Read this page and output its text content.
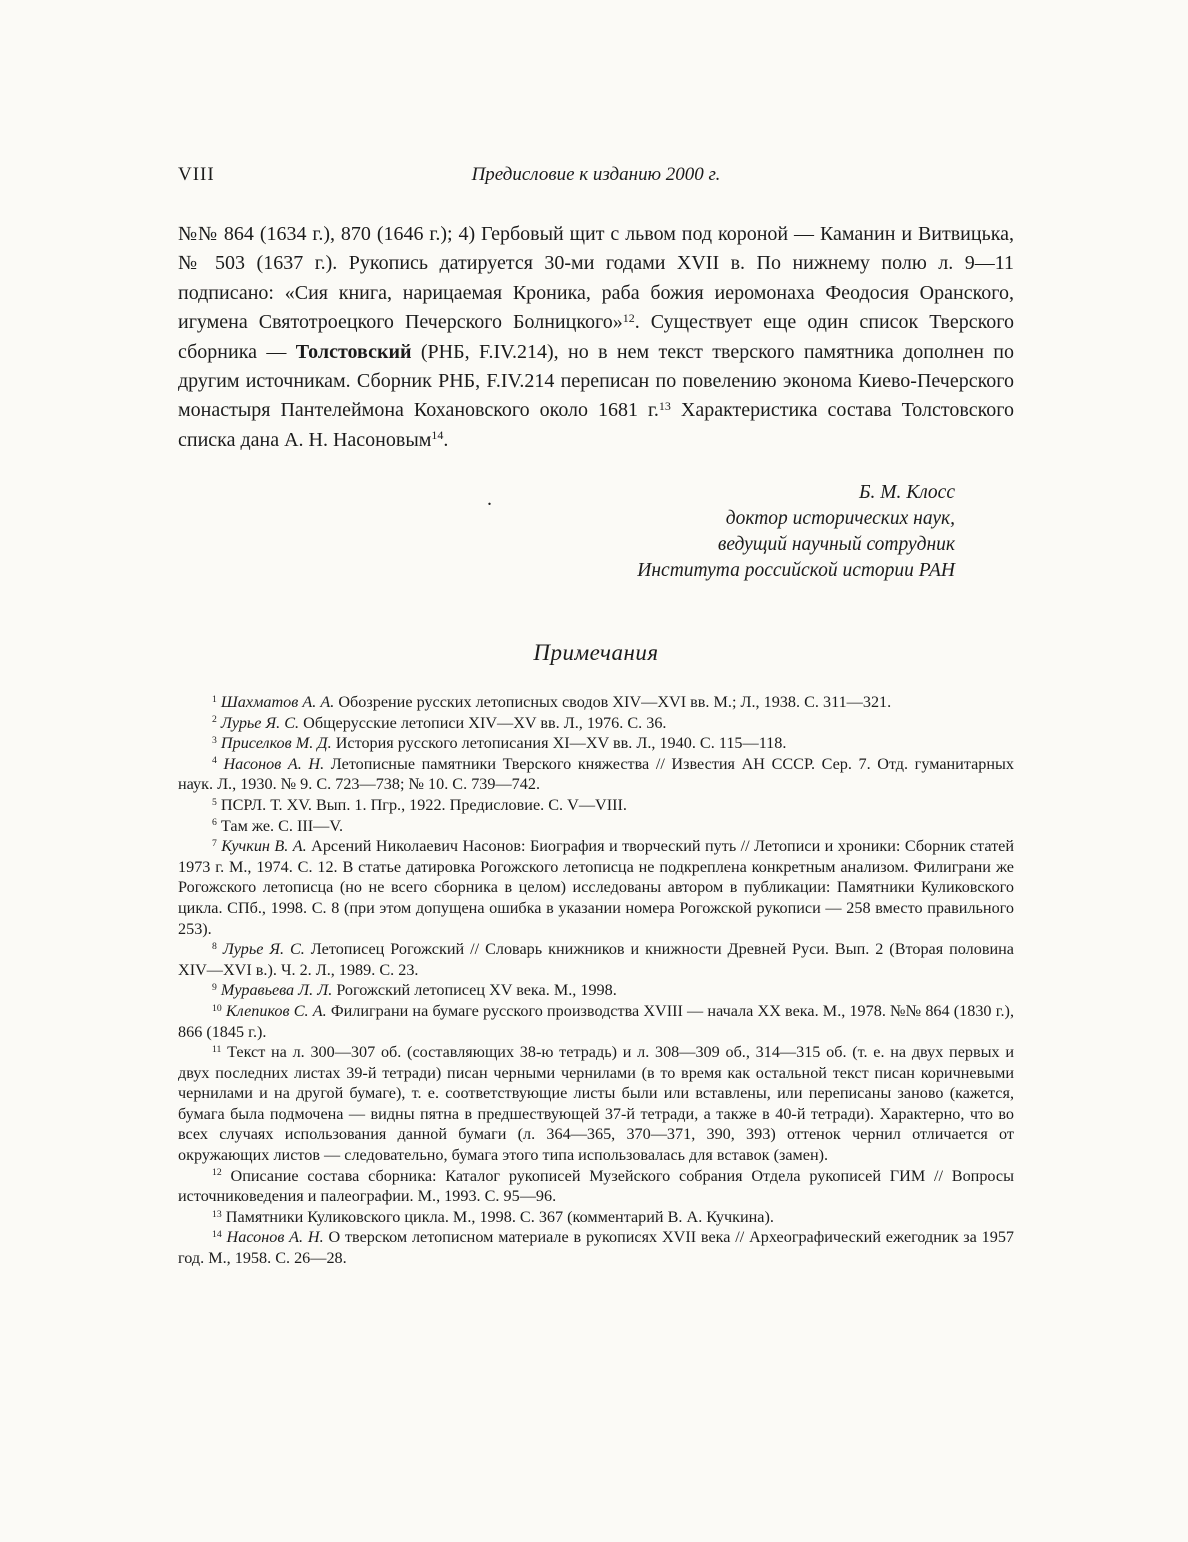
VIII	Предисловие к изданию 2000 г.

№№ 864 (1634 г.), 870 (1646 г.); 4) Гербовый щит с львом под короной — Каманин и Витвицька, № 503 (1637 г.). Рукопись датируется 30-ми годами XVII в. По нижнему полю л. 9—11 подписано: «Сия книга, нарицаемая Кроника, раба божия иеромонаха Феодосия Оранского, игумена Святотроецкого Печерского Болницкого»$^{12}$. Существует еще один список Тверского сборника — Толстовский (РНБ, F.IV.214), но в нем текст тверского памятника дополнен по другим источникам. Сборник РНБ, F.IV.214 переписан по повелению эконома Киево-Печерского монастыря Пантелеймона Кохановского около 1681 г.$^{13}$ Характеристика состава Толстовского списка дана А. Н. Насоновым$^{14}$.

.	Б. М. Клосс
доктор исторических наук,
ведущий научный сотрудник
Института российской истории РАН
Примечания

$^1$ Шахматов А. А. Обозрение русских летописных сводов XIV—XVI вв. М.; Л., 1938. С. 311—321.

$^2$ Лурье Я. С. Общерусские летописи XIV—XV вв. Л., 1976. С. 36.

$^3$ Приселков М. Д. История русского летописания XI—XV вв. Л., 1940. С. 115—118.

$^4$ Насонов А. Н. Летописные памятники Тверского княжества // Известия АН СССР. Сер. 7. Отд. гуманитарных наук. Л., 1930. № 9. С. 723—738; № 10. С. 739—742.

$^5$ ПСРЛ. Т. XV. Вып. 1. Пгр., 1922. Предисловие. С. V—VIII.

$^6$ Там же. С. III—V.

$^7$ Кучкин В. А. Арсений Николаевич Насонов: Биография и творческий путь // Летописи и хроники: Сборник статей 1973 г. М., 1974. С. 12. В статье датировка Рогожского летописца не подкреплена конкретным анализом. Филиграни же Рогожского летописца (но не всего сборника в целом) исследованы автором в публикации: Памятники Куликовского цикла. СПб., 1998. С. 8 (при этом допущена ошибка в указании номера Рогожской рукописи — 258 вместо правильного 253).

$^8$ Лурье Я. С. Летописец Рогожский // Словарь книжников и книжности Древней Руси. Вып. 2 (Вторая половина XIV—XVI в.). Ч. 2. Л., 1989. С. 23.

$^9$ Муравьева Л. Л. Рогожский летописец XV века. М., 1998.

$^{10}$ Клепиков С. А. Филиграни на бумаге русского производства XVIII — начала XX века. М., 1978. №№ 864 (1830 г.), 866 (1845 г.).

$^{11}$ Текст на л. 300—307 об. (составляющих 38-ю тетрадь) и л. 308—309 об., 314—315 об. (т. е. на двух первых и двух последних листах 39-й тетради) писан черными чернилами (в то время как остальной текст писан коричневыми чернилами и на другой бумаге), т. е. соответствующие листы были или вставлены, или переписаны заново (кажется, бумага была подмочена — видны пятна в предшествующей 37-й тетради, а также в 40-й тетради). Характерно, что во всех случаях использования данной бумаги (л. 364—365, 370—371, 390, 393) оттенок чернил отличается от окружающих листов — следовательно, бумага этого типа использовалась для вставок (замен).

$^{12}$ Описание состава сборника: Каталог рукописей Музейского собрания Отдела рукописей ГИМ // Вопросы источниковедения и палеографии. М., 1993. С. 95—96.

$^{13}$ Памятники Куликовского цикла. М., 1998. С. 367 (комментарий В. А. Кучкина).

$^{14}$ Насонов А. Н. О тверском летописном материале в рукописях XVII века // Археографический ежегодник за 1957 год. М., 1958. С. 26—28.
